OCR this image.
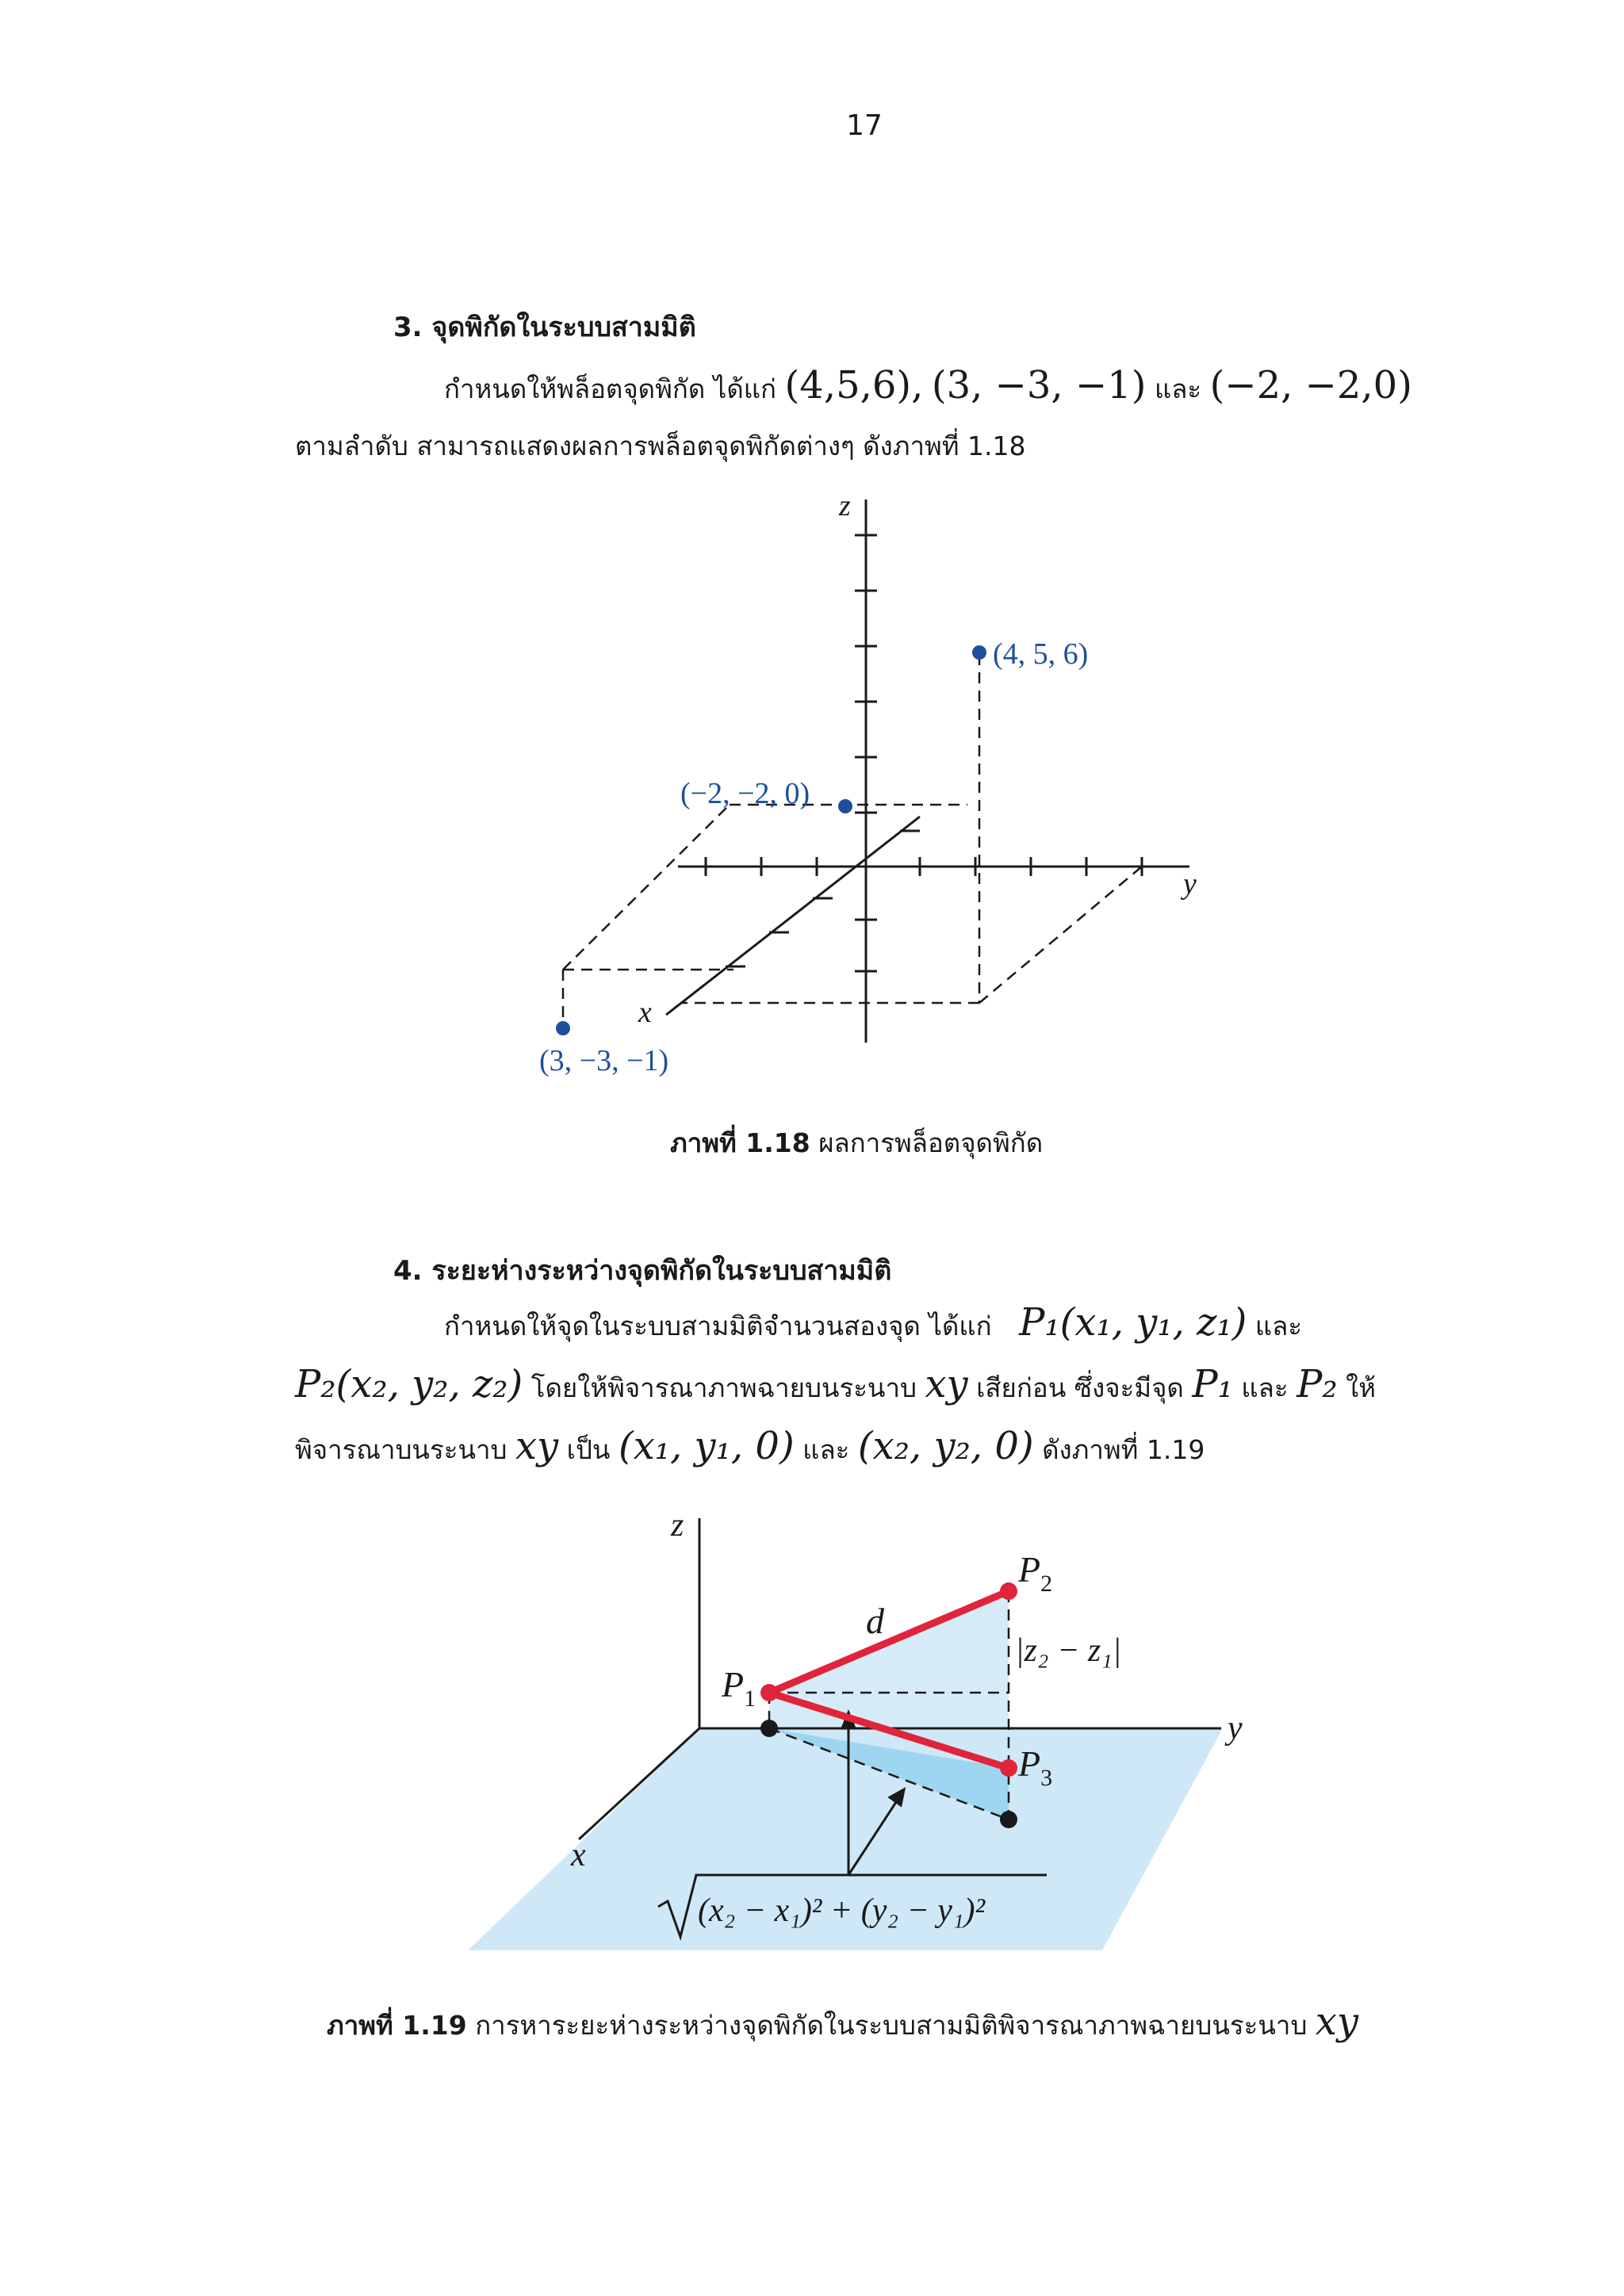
17
3. จุดพิกัดในระบบสามมิติ
กำหนดให้พล็อตจุดพิกัด ได้แก่ (4,5,6), (3, −3, −1) และ (−2, −2,0)
ตามลำดับ สามารถแสดงผลการพล็อตจุดพิกัดต่างๆ ดังภาพที่ 1.18
z
y
x
(4, 5, 6)
(−2, −2, 0)
(3, −3, −1)
ภาพที่ 1.18 ผลการพล็อตจุดพิกัด
4. ระยะห่างระหว่างจุดพิกัดในระบบสามมิติ
กำหนดให้จุดในระบบสามมิติจำนวนสองจุด ได้แก่ P₁(x₁, y₁, z₁) และ
P₂(x₂, y₂, z₂) โดยให้พิจารณาภาพฉายบนระนาบ xy เสียก่อน ซึ่งจะมีจุด P₁ และ P₂ ให้
พิจารณาบนระนาบ xy เป็น (x₁, y₁, 0) และ (x₂, y₂, 0) ดังภาพที่ 1.19
z
y
x
$P_1$
$P_2$
$P_3$
d
|z₂ − z₁|
(x₂ − x₁)² + (y₂ − y₁)²
ภาพที่ 1.19 การหาระยะห่างระหว่างจุดพิกัดในระบบสามมิติพิจารณาภาพฉายบนระนาบ xy
